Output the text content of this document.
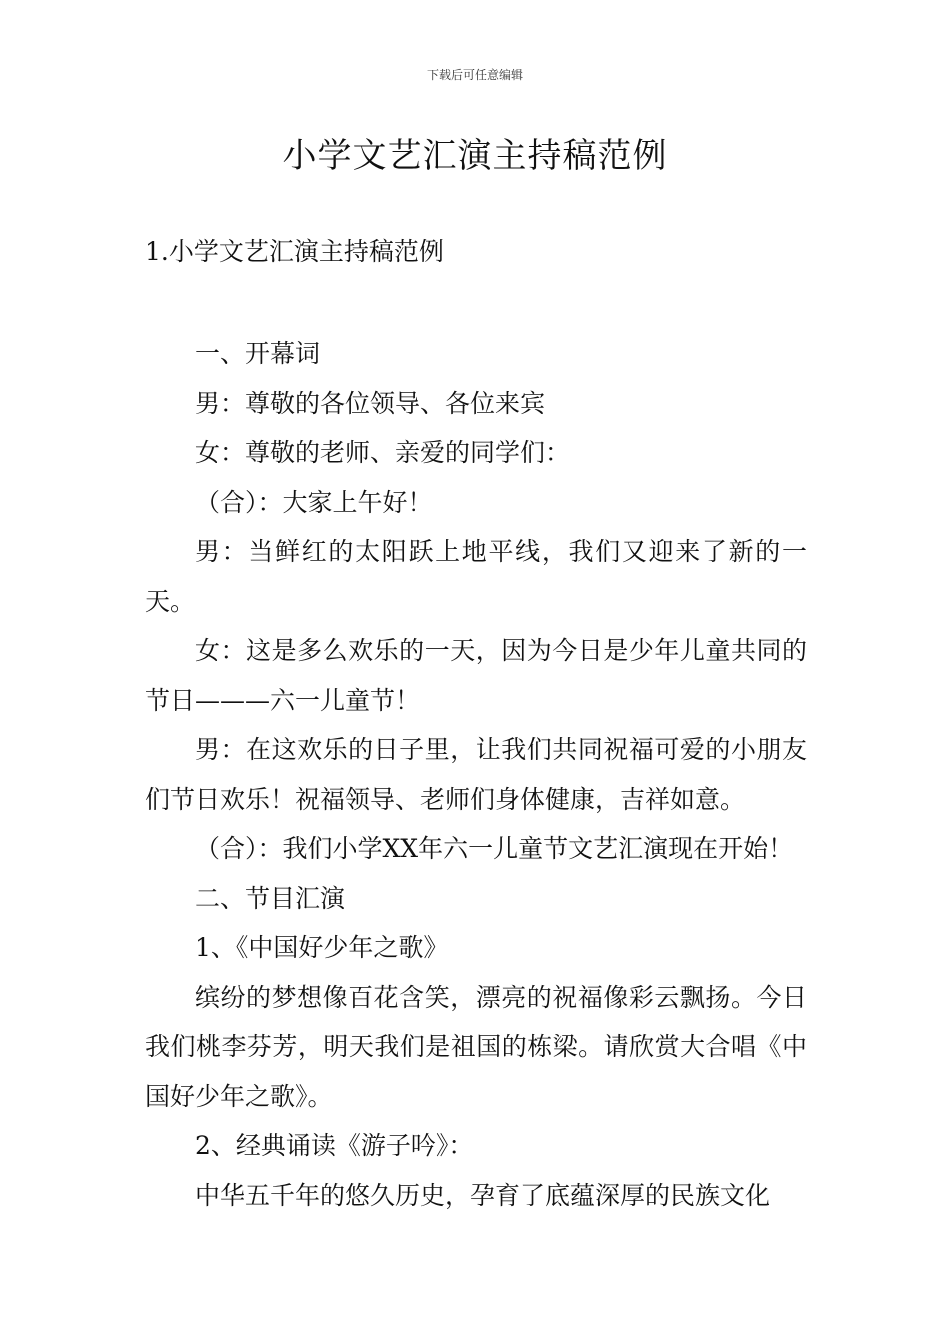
下载后可任意编辑
小学文艺汇演主持稿范例
1.小学文艺汇演主持稿范例

一、开幕词

男：尊敬的各位领导、各位来宾

女：尊敬的老师、亲爱的同学们：

（合）：大家上午好！

男：当鲜红的太阳跃上地平线，我们又迎来了新的一天。

女：这是多么欢乐的一天，因为今日是少年儿童共同的节日———六一儿童节！

男：在这欢乐的日子里，让我们共同祝福可爱的小朋友们节日欢乐！祝福领导、老师们身体健康，吉祥如意。

（合）：我们小学XX年六一儿童节文艺汇演现在开始！

二、节目汇演

1、《中国好少年之歌》

缤纷的梦想像百花含笑，漂亮的祝福像彩云飘扬。今日我们桃李芬芳，明天我们是祖国的栋梁。请欣赏大合唱《中国好少年之歌》。

2、经典诵读《游子吟》：

中华五千年的悠久历史，孕育了底蕴深厚的民族文化
